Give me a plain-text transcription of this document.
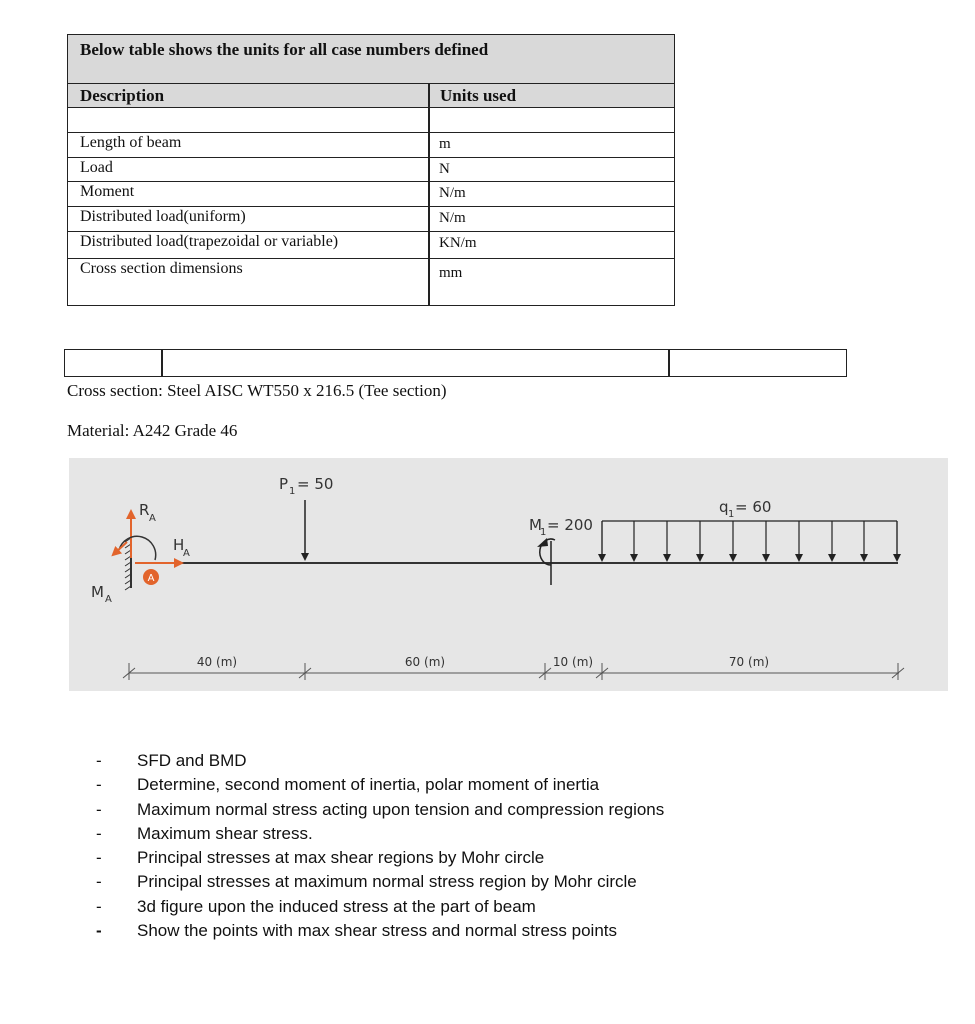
Below table shows the units for all case numbers defined
Description	Units used
Length of beam	m
Load	N
Moment	N/m
Distributed load(uniform)	N/m
Distributed load(trapezoidal or variable)	KN/m
Cross section dimensions	mm
Cross section: Steel AISC WT550 x 216.5 (Tee section)
Material: A242 Grade 46
A
R A
H
A
M A
P 1 = 50
M
1 = 200
q 1 = 60
40 (m)	60 (m)	10 (m)	70 (m)
- SFD and BMD
- Determine, second moment of inertia, polar moment of inertia
- Maximum normal stress acting upon tension and compression regions
- Maximum shear stress.
- Principal stresses at max shear regions by Mohr circle
- Principal stresses at maximum normal stress region by Mohr circle
- 3d figure upon the induced stress at the part of beam
- Show the points with max shear stress and normal stress points
